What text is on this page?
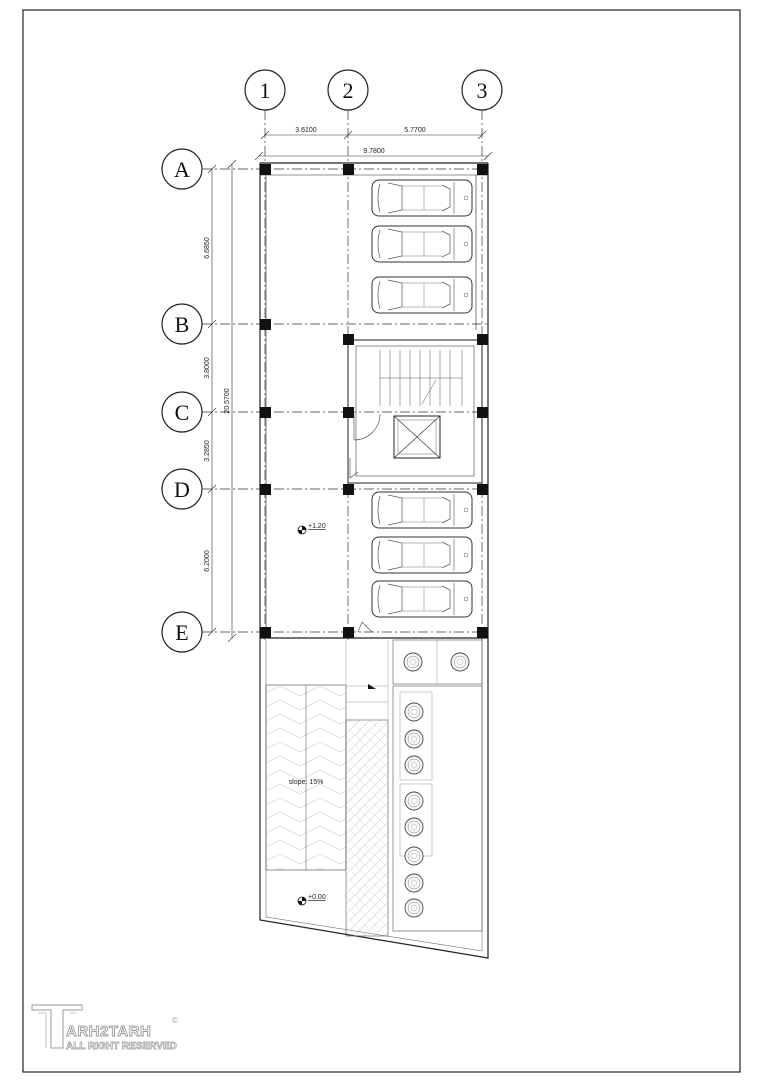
1	2	3
A
B
C
D
E
3.6100	5.7700
9.7800
6.6850
3.8000
3.2850
6.2000
20.5700
+1.20
slope: 15%
+0.00
ARH2TARH
ALL RIGHT RESERVED
©
